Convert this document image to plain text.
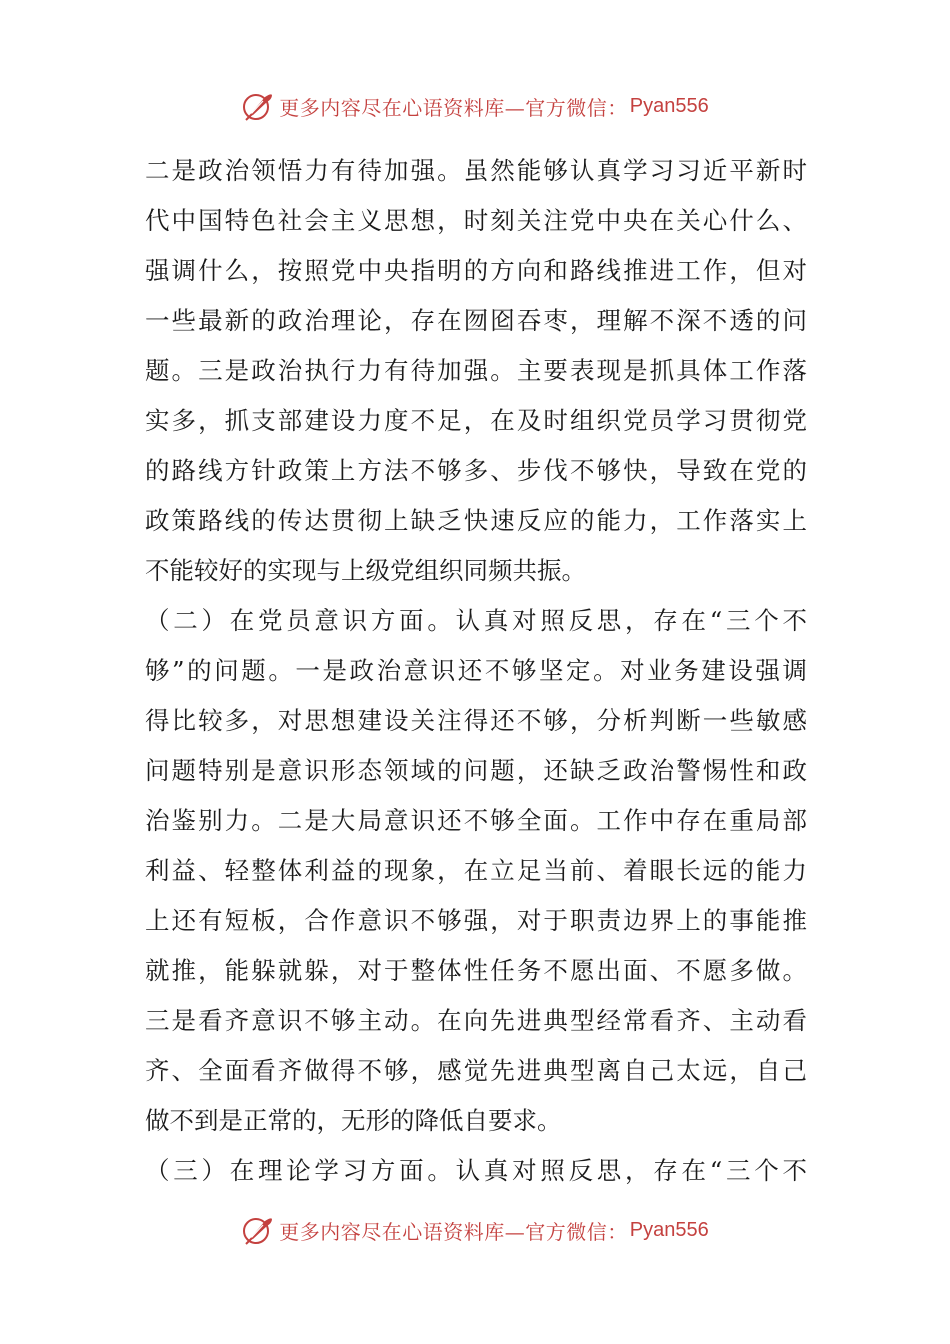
更多内容尽在心语资料库—官方微信： Pyan556
二是政治领悟力有待加强。虽然能够认真学习习近平新时
代中国特色社会主义思想，时刻关注党中央在关心什么、
强调什么，按照党中央指明的方向和路线推进工作，但对
一些最新的政治理论，存在囫囵吞枣，理解不深不透的问
题。三是政治执行力有待加强。主要表现是抓具体工作落
实多，抓支部建设力度不足，在及时组织党员学习贯彻党
的路线方针政策上方法不够多、步伐不够快，导致在党的
政策路线的传达贯彻上缺乏快速反应的能力，工作落实上
不能较好的实现与上级党组织同频共振。
（二）在党员意识方面。认真对照反思，存在“三个不
够”的问题。一是政治意识还不够坚定。对业务建设强调
得比较多，对思想建设关注得还不够，分析判断一些敏感
问题特别是意识形态领域的问题，还缺乏政治警惕性和政
治鉴别力。二是大局意识还不够全面。工作中存在重局部
利益、轻整体利益的现象，在立足当前、着眼长远的能力
上还有短板，合作意识不够强，对于职责边界上的事能推
就推，能躲就躲，对于整体性任务不愿出面、不愿多做。
三是看齐意识不够主动。在向先进典型经常看齐、主动看
齐、全面看齐做得不够，感觉先进典型离自己太远，自己
做不到是正常的，无形的降低自要求。
（三）在理论学习方面。认真对照反思，存在“三个不
更多内容尽在心语资料库—官方微信： Pyan556
